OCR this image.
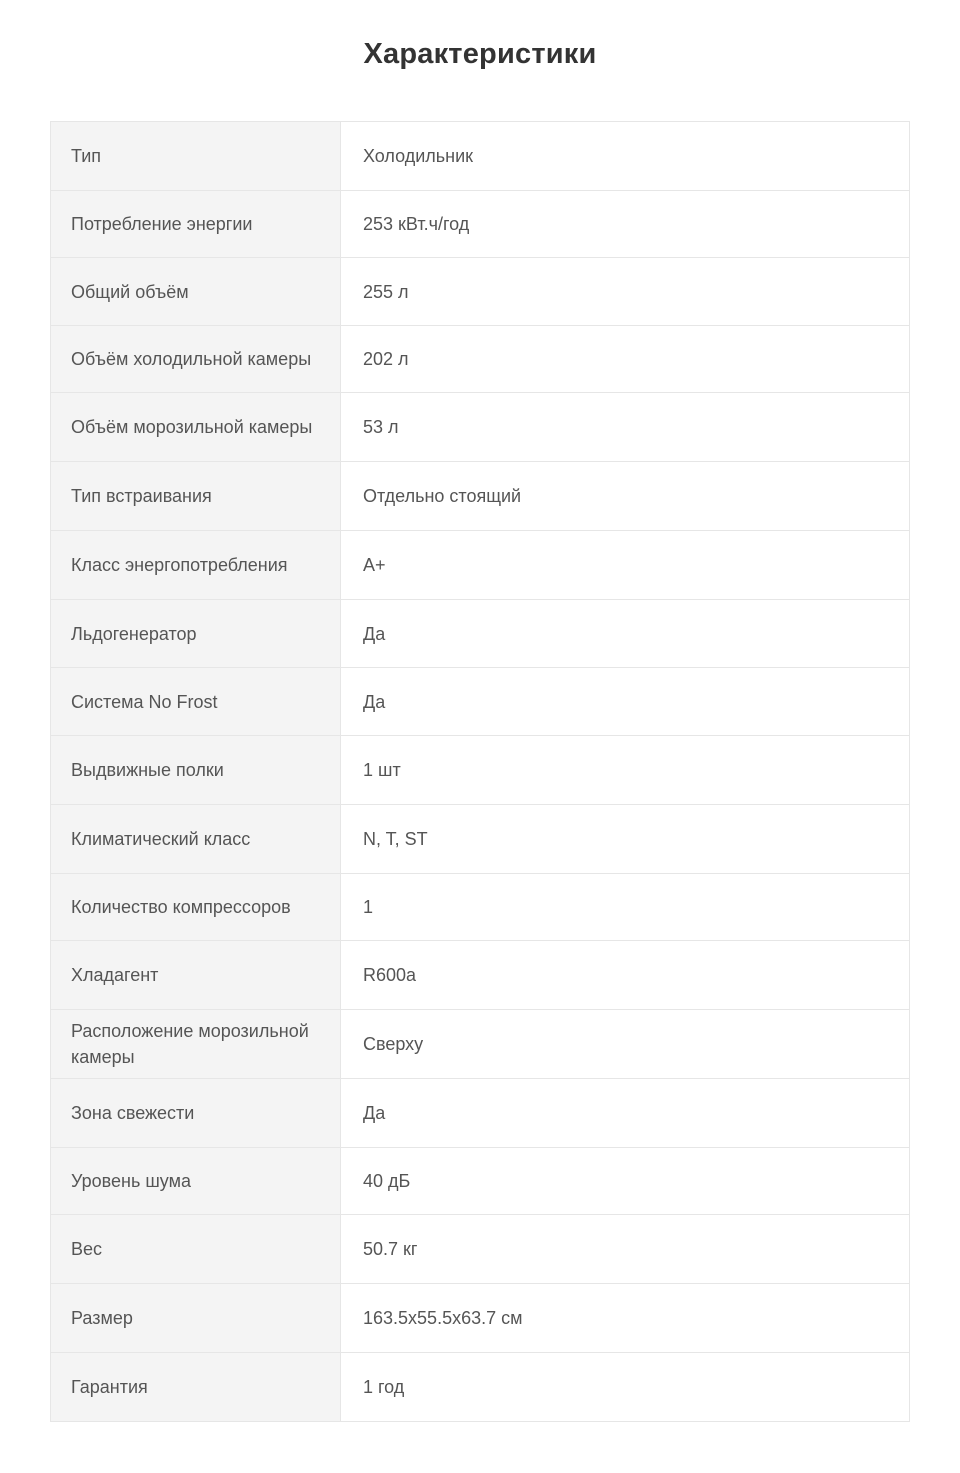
Характеристики
Тип	Холодильник
Потребление энергии	253 кВт.ч/год
Общий объём	255 л
Объём холодильной камеры	202 л
Объём морозильной камеры	53 л
Тип встраивания	Отдельно стоящий
Класс энергопотребления	A+
Льдогенератор	Да
Система No Frost	Да
Выдвижные полки	1 шт
Климатический класс	N, T, ST
Количество компрессоров	1
Хладагент	R600a
Расположение морозильной камеры	Сверху
Зона свежести	Да
Уровень шума	40 дБ
Вес	50.7 кг
Размер	163.5x55.5x63.7 см
Гарантия	1 год
